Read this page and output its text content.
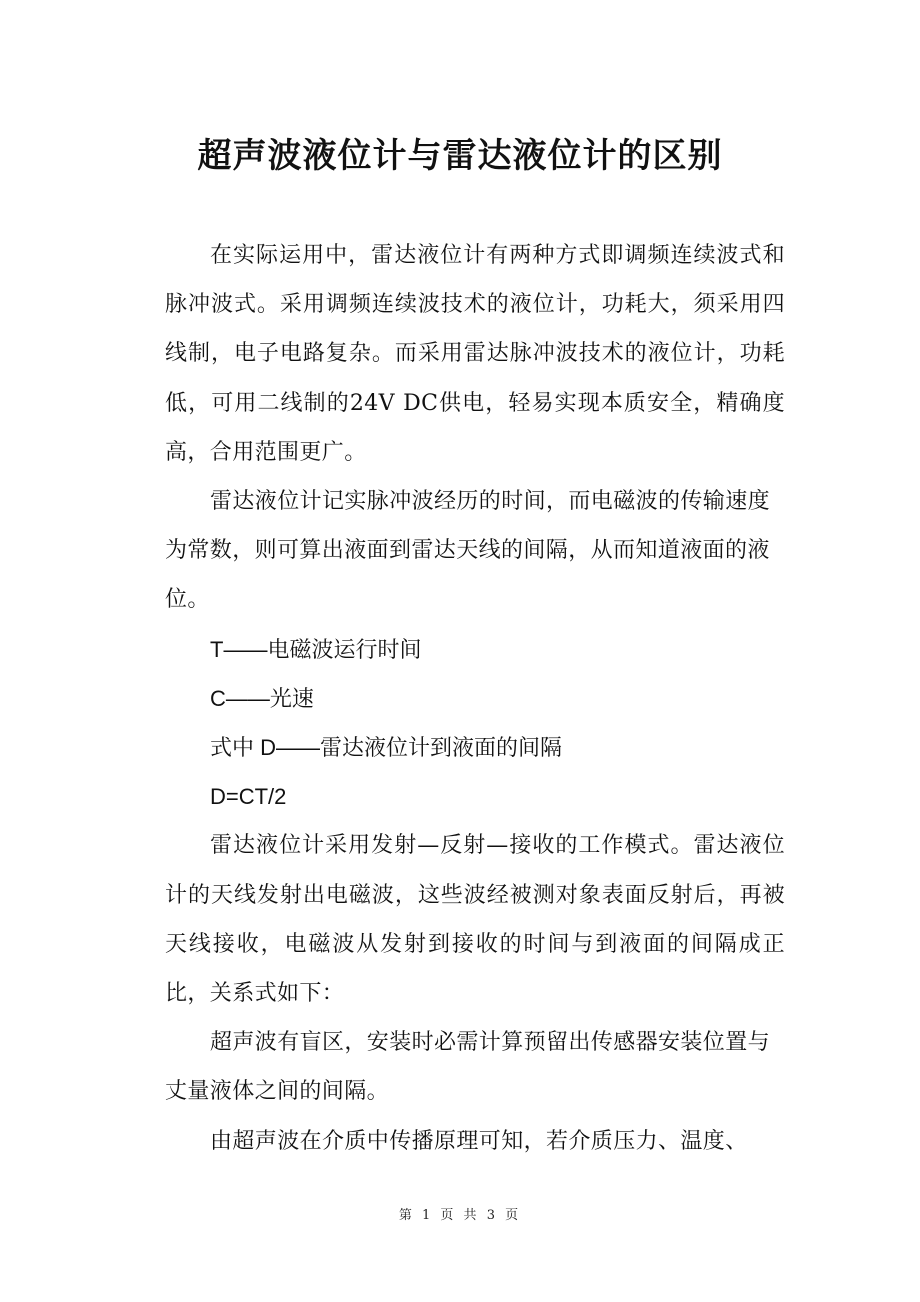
超声波液位计与雷达液位计的区别

在实际运用中，雷达液位计有两种方式即调频连续波式和脉冲波式。采用调频连续波技术的液位计，功耗大，须采用四线制，电子电路复杂。而采用雷达脉冲波技术的液位计，功耗低，可用二线制的24V DC供电，轻易实现本质安全，精确度高，合用范围更广。

雷达液位计记实脉冲波经历的时间，而电磁波的传输速度为常数，则可算出液面到雷达天线的间隔，从而知道液面的液位。

T——电磁波运行时间

C——光速

式中 D——雷达液位计到液面的间隔

D=CT/2

雷达液位计采用发射—反射—接收的工作模式。雷达液位计的天线发射出电磁波，这些波经被测对象表面反射后，再被天线接收，电磁波从发射到接收的时间与到液面的间隔成正比，关系式如下：

超声波有盲区，安装时必需计算预留出传感器安装位置与丈量液体之间的间隔。

由超声波在介质中传播原理可知，若介质压力、温度、

第 1 页 共 3 页
